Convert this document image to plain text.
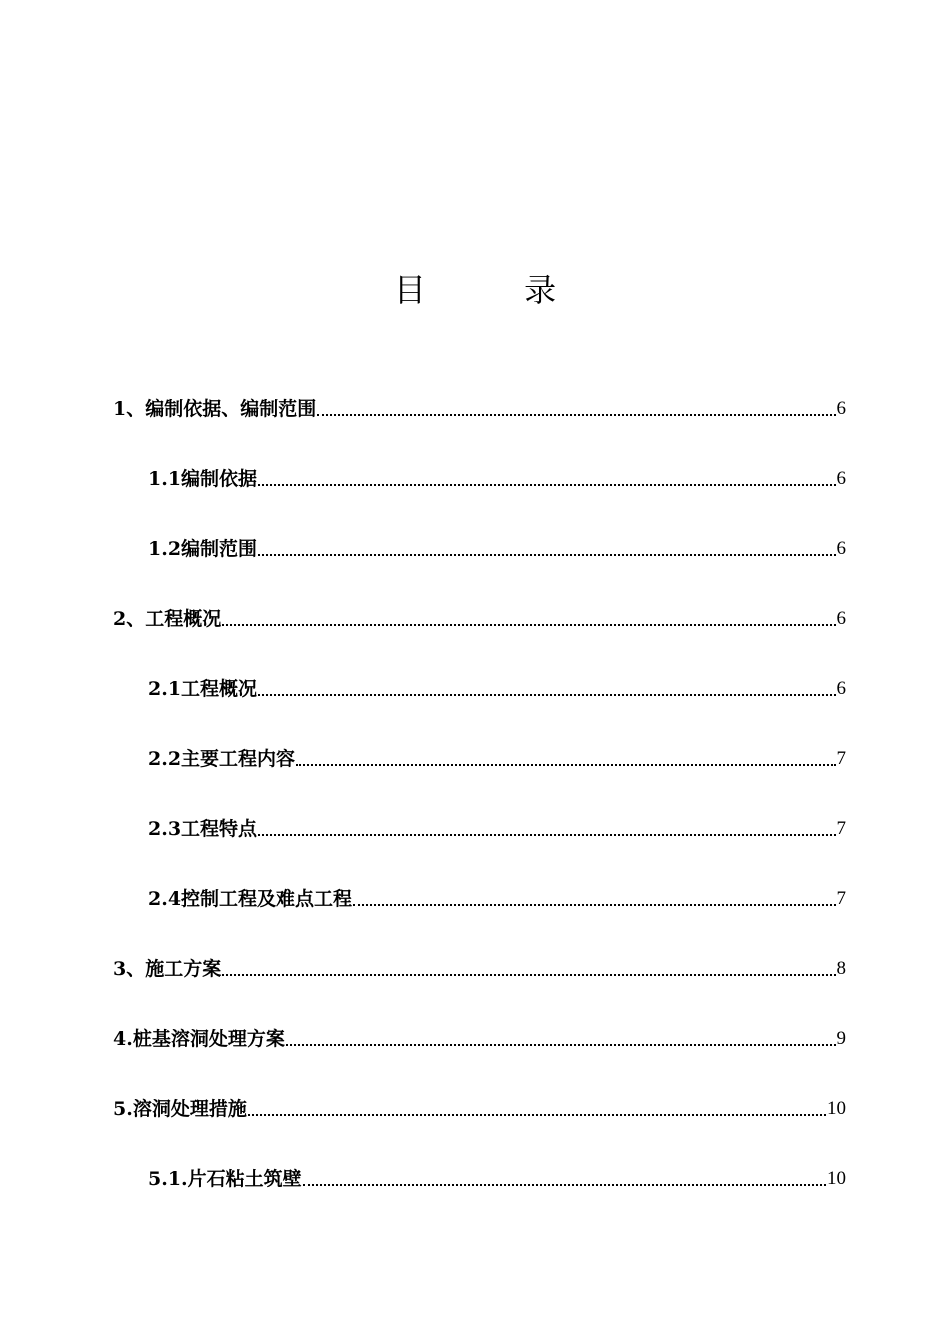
目	录
1、编制依据、编制范围	6
1.1编制依据	6
1.2编制范围	6
2、工程概况	6
2.1工程概况	6
2.2主要工程内容	7
2.3工程特点	7
2.4控制工程及难点工程	7
3、施工方案	8
4.桩基溶洞处理方案	9
5.溶洞处理措施	10
5.1.片石粘土筑壁	10
